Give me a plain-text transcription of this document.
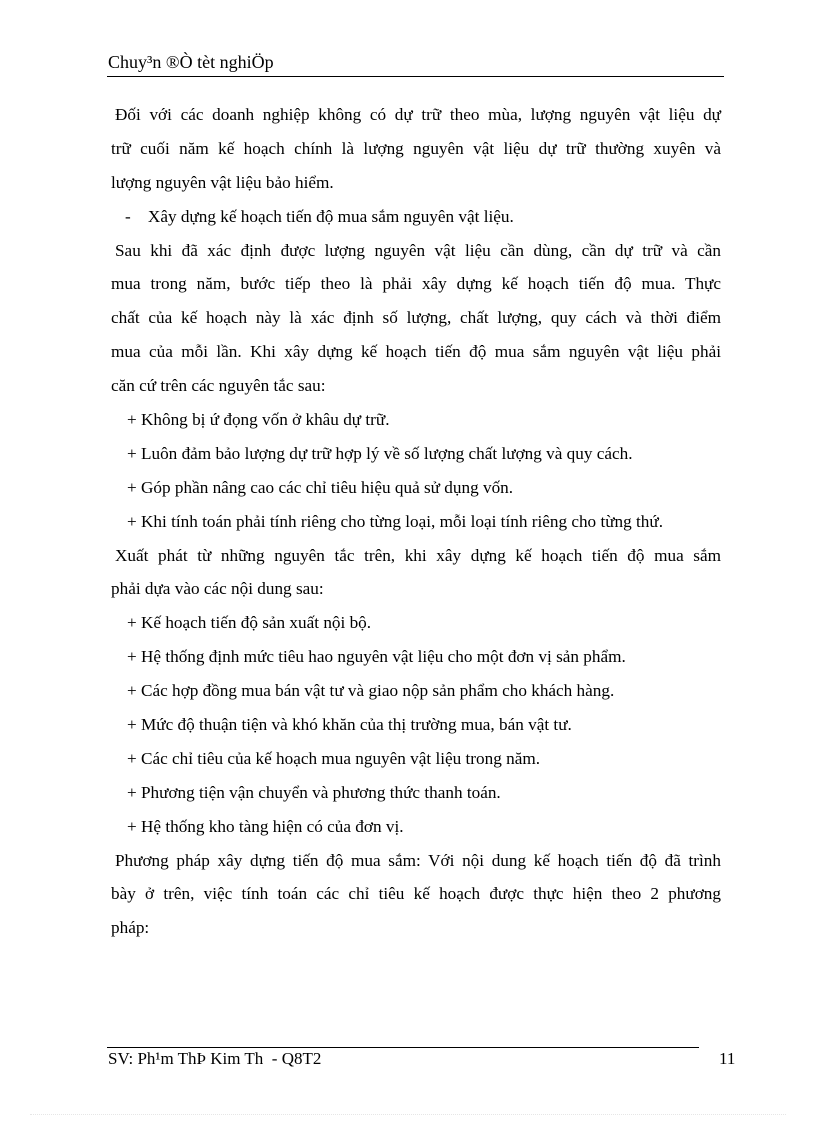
Chuy³n ®Ò tèt nghiÖp
Đối với các doanh nghiệp không có dự trữ theo mùa, lượng nguyên vật liệu dự
trữ cuối năm kế hoạch chính là lượng nguyên vật liệu dự trữ thường xuyên và
lượng nguyên vật liệu bảo hiểm.
-    Xây dựng kế hoạch tiến độ mua sắm nguyên vật liệu.
Sau khi đã xác định được lượng nguyên vật liệu cần dùng, cần dự trữ và cần
mua trong năm, bước tiếp theo là phải xây dựng kế hoạch tiến độ mua. Thực
chất của kế hoạch này là xác định số lượng, chất lượng, quy cách và thời điểm
mua của mỗi lần. Khi xây dựng kế hoạch tiến độ mua sắm nguyên vật liệu phải
căn cứ trên các nguyên tắc sau:
+ Không bị ứ đọng vốn ở khâu dự trữ.
+ Luôn đảm bảo lượng dự trữ hợp lý về số lượng chất lượng và quy cách.
+ Góp phần nâng cao các chỉ tiêu hiệu quả sử dụng vốn.
+ Khi tính toán phải tính riêng cho từng loại, mỗi loại tính riêng cho từng thứ.
Xuất phát từ những nguyên tắc trên, khi xây dựng kế hoạch tiến độ mua sắm
phải dựa vào các nội dung sau:
+ Kế hoạch tiến độ sản xuất nội bộ.
+ Hệ thống định mức tiêu hao nguyên vật liệu cho một đơn vị sản phẩm.
+ Các hợp đồng mua bán vật tư và giao nộp sản phẩm cho khách hàng.
+ Mức độ thuận tiện và khó khăn của thị trường mua, bán vật tư.
+ Các chỉ tiêu của kế hoạch mua nguyên vật liệu trong năm.
+ Phương tiện vận chuyển và phương thức thanh toán.
+ Hệ thống kho tàng hiện có của đơn vị.
Phương pháp xây dựng tiến độ mua sắm: Với nội dung kế hoạch tiến độ đã trình
bày ở trên, việc tính toán các chỉ tiêu kế hoạch được thực hiện theo 2 phương
pháp:
SV: Ph¹m ThÞ Kim Th  - Q8T2	11
